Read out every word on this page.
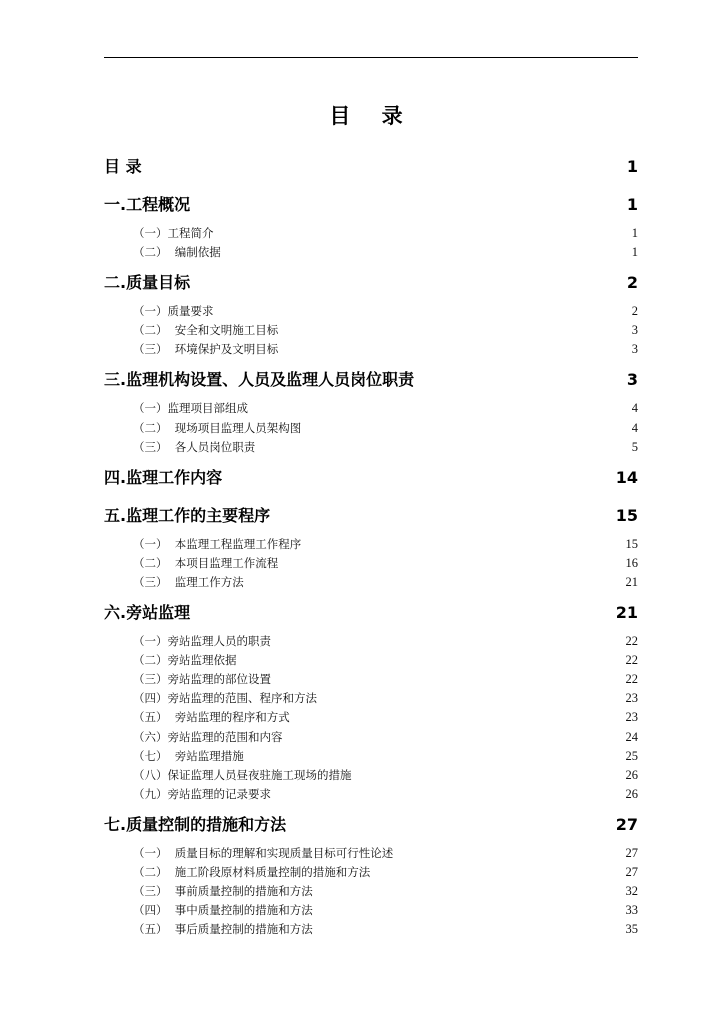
目 录
目 录	1
一.工程概况	1
（一）工程简介	1
（二）  编制依据	1
二.质量目标	2
（一）质量要求	2
（二）  安全和文明施工目标	3
（三）  环境保护及文明目标	3
三.监理机构设置、人员及监理人员岗位职责	3
（一）监理项目部组成	4
（二）  现场项目监理人员架构图	4
（三）  各人员岗位职责	5
四.监理工作内容	14
五.监理工作的主要程序	15
（一）  本监理工程监理工作程序	15
（二）  本项目监理工作流程	16
（三）  监理工作方法	21
六.旁站监理	21
（一）旁站监理人员的职责	22
（二）旁站监理依据	22
（三）旁站监理的部位设置	22
（四）旁站监理的范围、程序和方法	23
（五）  旁站监理的程序和方式	23
（六）旁站监理的范围和内容	24
（七）  旁站监理措施	25
（八）保证监理人员昼夜驻施工现场的措施	26
（九）旁站监理的记录要求	26
七.质量控制的措施和方法	27
（一）  质量目标的理解和实现质量目标可行性论述	27
（二）  施工阶段原材料质量控制的措施和方法	27
（三）  事前质量控制的措施和方法	32
（四）  事中质量控制的措施和方法	33
（五）  事后质量控制的措施和方法	35
